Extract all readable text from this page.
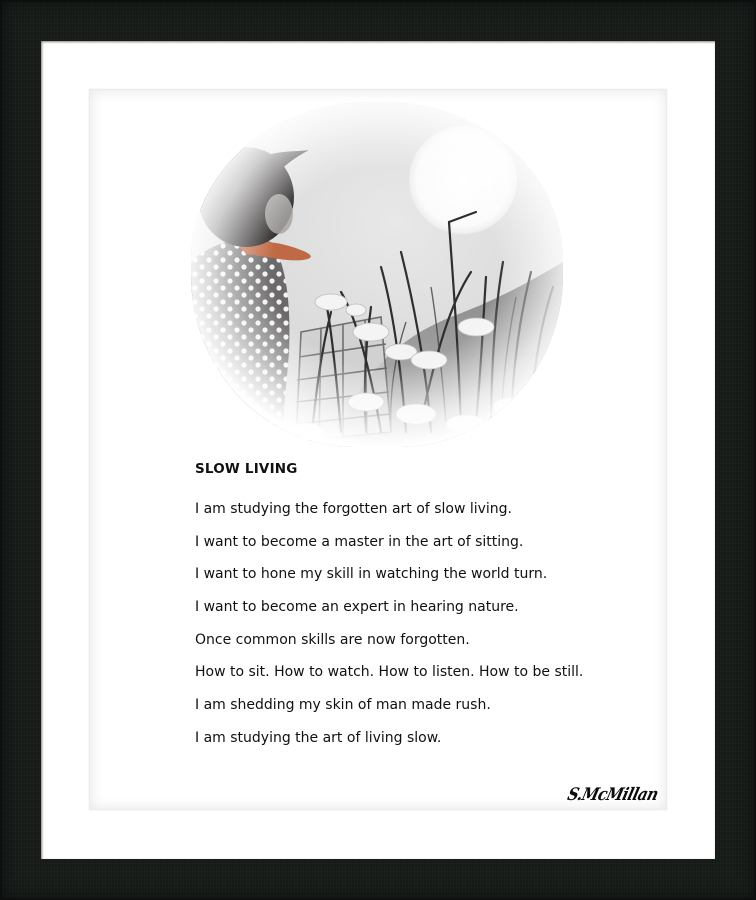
SLOW LIVING
I am studying the forgotten art of slow living.
I want to become a master in the art of sitting.
I want to hone my skill in watching the world turn.
I want to become an expert in hearing nature.
Once common skills are now forgotten.
How to sit. How to watch. How to listen. How to be still.
I am shedding my skin of man made rush.
I am studying the art of living slow.
S.McMillan
